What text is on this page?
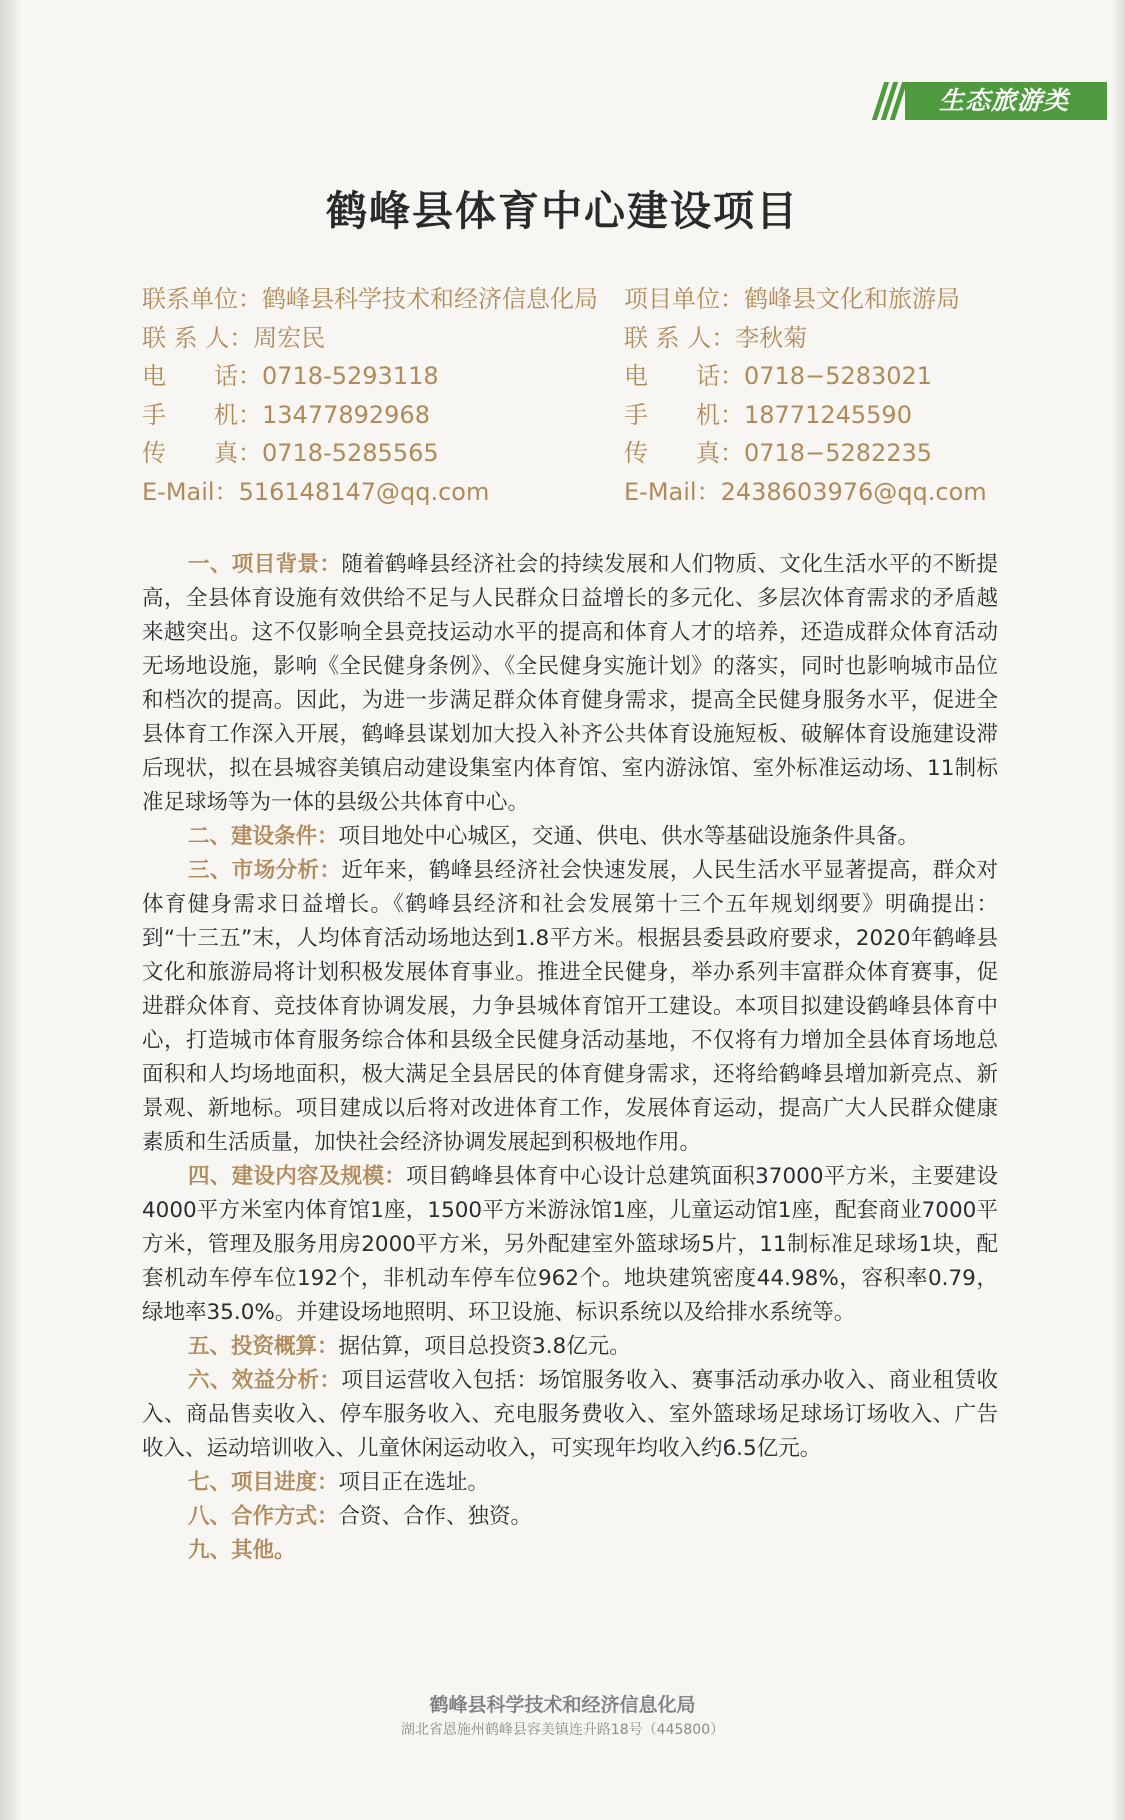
生态旅游类
鹤峰县体育中心建设项目
联系单位：鹤峰县科学技术和经济信息化局	项目单位：鹤峰县文化和旅游局
联 系 人：周宏民	联 系 人：李秋菊
电　　话：0718-5293118	电　　话：0718−5283021
手　　机：13477892968	手　　机：18771245590
传　　真：0718-5285565	传　　真：0718−5282235
E-Mail：516148147@qq.com	E-Mail：2438603976@qq.com

一、项目背景：随着鹤峰县经济社会的持续发展和人们物质、文化生活水平的不断提高，全县体育设施有效供给不足与人民群众日益增长的多元化、多层次体育需求的矛盾越来越突出。这不仅影响全县竞技运动水平的提高和体育人才的培养，还造成群众体育活动无场地设施，影响《全民健身条例》、《全民健身实施计划》的落实，同时也影响城市品位和档次的提高。因此，为进一步满足群众体育健身需求，提高全民健身服务水平，促进全县体育工作深入开展，鹤峰县谋划加大投入补齐公共体育设施短板、破解体育设施建设滞后现状，拟在县城容美镇启动建设集室内体育馆、室内游泳馆、室外标准运动场、11制标准足球场等为一体的县级公共体育中心。

二、建设条件：项目地处中心城区，交通、供电、供水等基础设施条件具备。

三、市场分析：近年来，鹤峰县经济社会快速发展，人民生活水平显著提高，群众对体育健身需求日益增长。《鹤峰县经济和社会发展第十三个五年规划纲要》明确提出：到“十三五”末，人均体育活动场地达到1.8平方米。根据县委县政府要求，2020年鹤峰县文化和旅游局将计划积极发展体育事业。推进全民健身，举办系列丰富群众体育赛事，促进群众体育、竞技体育协调发展，力争县城体育馆开工建设。本项目拟建设鹤峰县体育中心，打造城市体育服务综合体和县级全民健身活动基地，不仅将有力增加全县体育场地总面积和人均场地面积，极大满足全县居民的体育健身需求，还将给鹤峰县增加新亮点、新景观、新地标。项目建成以后将对改进体育工作，发展体育运动，提高广大人民群众健康素质和生活质量，加快社会经济协调发展起到积极地作用。

四、建设内容及规模：项目鹤峰县体育中心设计总建筑面积37000平方米，主要建设4000平方米室内体育馆1座，1500平方米游泳馆1座，儿童运动馆1座，配套商业7000平方米，管理及服务用房2000平方米，另外配建室外篮球场5片，11制标准足球场1块，配套机动车停车位192个，非机动车停车位962个。地块建筑密度44.98%，容积率0.79，绿地率35.0%。并建设场地照明、环卫设施、标识系统以及给排水系统等。

五、投资概算：据估算，项目总投资3.8亿元。

六、效益分析：项目运营收入包括：场馆服务收入、赛事活动承办收入、商业租赁收入、商品售卖收入、停车服务收入、充电服务费收入、室外篮球场足球场订场收入、广告收入、运动培训收入、儿童休闲运动收入，可实现年均收入约6.5亿元。

七、项目进度：项目正在选址。

八、合作方式：合资、合作、独资。

九、其他。

鹤峰县科学技术和经济信息化局
湖北省恩施州鹤峰县容美镇连升路18号（445800）
